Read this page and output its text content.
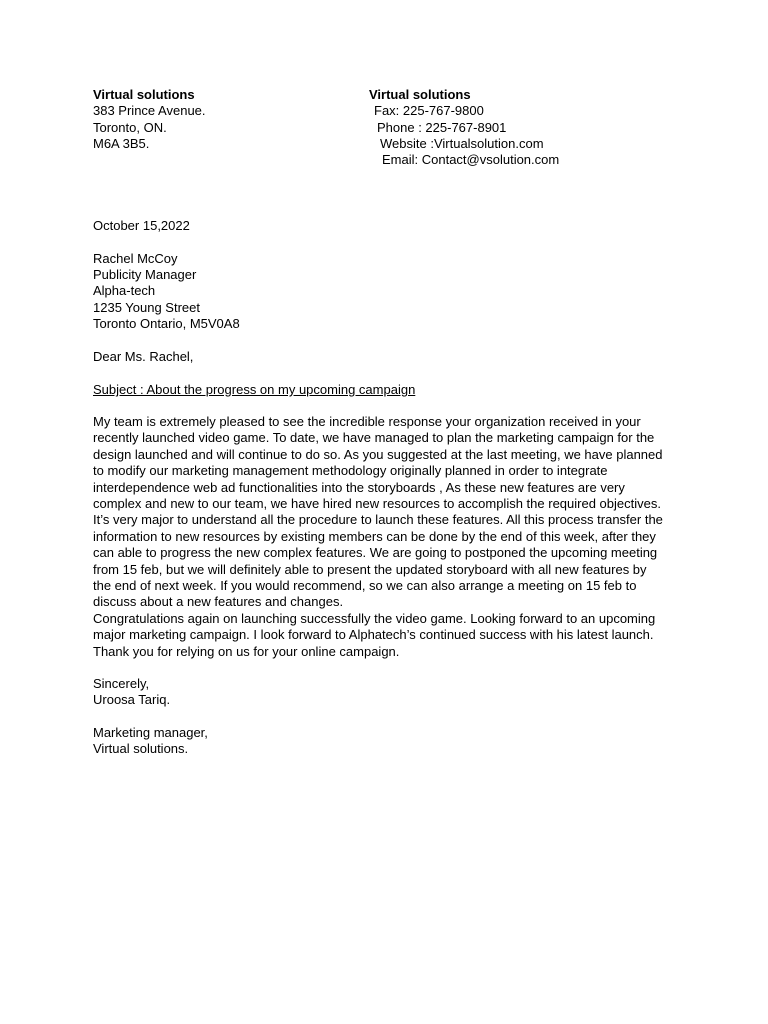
Virtual solutions
383 Prince Avenue.
Toronto, ON.
M6A 3B5.
Virtual solutions
Fax: 225-767-9800
Phone : 225-767-8901
Website :Virtualsolution.com
Email: Contact@vsolution.com
October 15,2022
Rachel McCoy
Publicity Manager
Alpha-tech
1235 Young Street
Toronto Ontario, M5V0A8
Dear Ms. Rachel,
Subject : About the progress on my upcoming campaign
My team is extremely pleased to see the incredible response your organization received in your
recently launched video game. To date, we have managed to plan the marketing campaign for the
design launched and will continue to do so. As you suggested at the last meeting, we have planned
to modify our marketing management methodology originally planned in order to integrate
interdependence web ad functionalities into the storyboards , As these new features are very
complex and new to our team, we have hired new resources to accomplish the required objectives.
It’s very major to understand all the procedure to launch these features. All this process transfer the
information to new resources by existing members can be done by the end of this week, after they
can able to progress the new complex features. We are going to postponed the upcoming meeting
from 15 feb, but we will definitely able to present the updated storyboard with all new features by
the end of next week. If you would recommend, so we can also arrange a meeting on 15 feb to
discuss about a new features and changes.
Congratulations again on launching successfully the video game. Looking forward to an upcoming
major marketing campaign. I look forward to Alphatech’s continued success with his latest launch.
Thank you for relying on us for your online campaign.
Sincerely,
Uroosa Tariq.
Marketing manager,
Virtual solutions.
